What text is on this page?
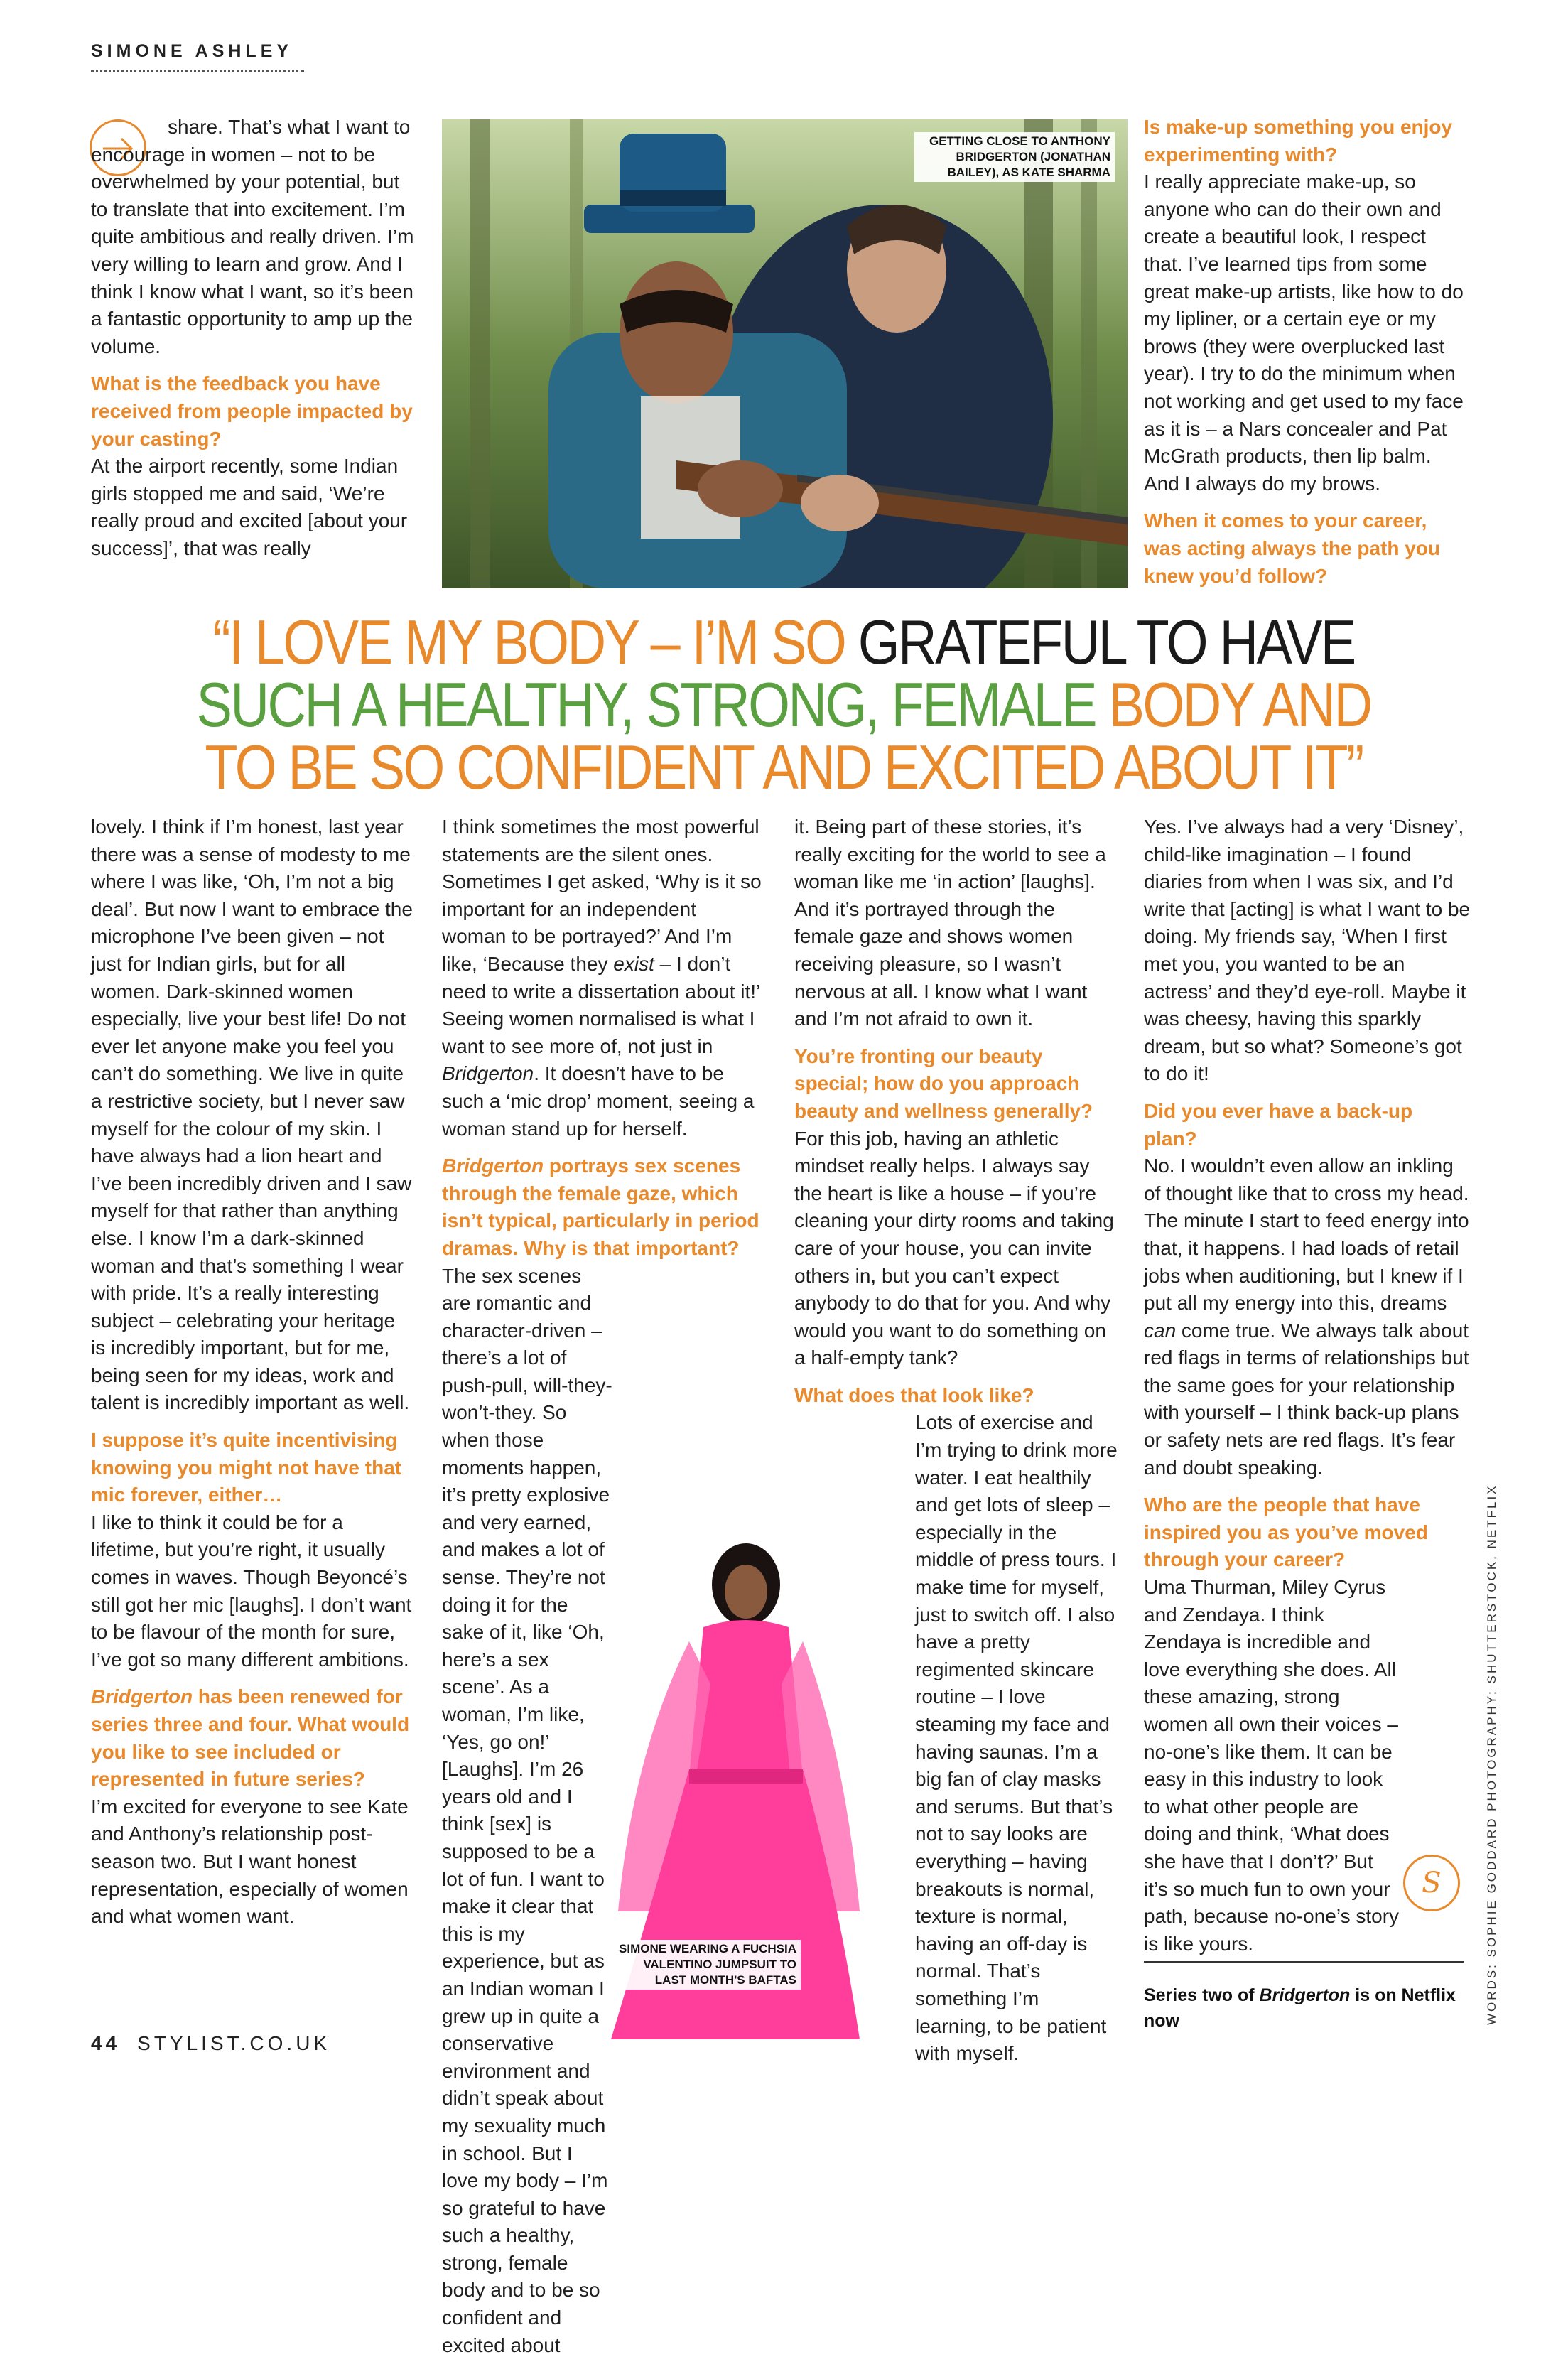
SIMONE ASHLEY

share. That’s what I want to encourage in women – not to be overwhelmed by your potential, but to translate that into excitement. I’m quite ambitious and really driven. I’m very willing to learn and grow. And I think I know what I want, so it’s been a fantastic opportunity to amp up the volume.

What is the feedback you have received from people impacted by your casting?

At the airport recently, some Indian girls stopped me and said, ‘We’re really proud and excited [about your success]’, that was really

GETTING CLOSE TO ANTHONY BRIDGERTON (JONATHAN BAILEY), AS KATE SHARMA

Is make-up something you enjoy experimenting with?

I really appreciate make-up, so anyone who can do their own and create a beautiful look, I respect that. I’ve learned tips from some great make-up artists, like how to do my lipliner, or a certain eye or my brows (they were overplucked last year). I try to do the minimum when not working and get used to my face as it is – a Nars concealer and Pat McGrath products, then lip balm. And I always do my brows.

When it comes to your career, was acting always the path you knew you’d follow?

“I LOVE MY BODY – I’M SO GRATEFUL TO HAVE
SUCH A HEALTHY, STRONG, FEMALE BODY AND
TO BE SO CONFIDENT AND EXCITED ABOUT IT”

lovely. I think if I’m honest, last year there was a sense of modesty to me where I was like, ‘Oh, I’m not a big deal’. But now I want to embrace the microphone I’ve been given – not just for Indian girls, but for all women. Dark-skinned women especially, live your best life! Do not ever let anyone make you feel you can’t do something. We live in quite a restrictive society, but I never saw myself for the colour of my skin. I have always had a lion heart and I’ve been incredibly driven and I saw myself for that rather than anything else. I know I’m a dark-skinned woman and that’s something I wear with pride. It’s a really interesting subject – celebrating your heritage is incredibly important, but for me, being seen for my ideas, work and talent is incredibly important as well.

I suppose it’s quite incentivising knowing you might not have that mic forever, either…

I like to think it could be for a lifetime, but you’re right, it usually comes in waves. Though Beyoncé’s still got her mic [laughs]. I don’t want to be flavour of the month for sure, I’ve got so many different ambitions.

Bridgerton has been renewed for series three and four. What would you like to see included or represented in future series?

I’m excited for everyone to see Kate and Anthony’s relationship post-season two. But I want honest representation, especially of women and what women want.

I think sometimes the most powerful statements are the silent ones. Sometimes I get asked, ‘Why is it so important for an independent woman to be portrayed?’ And I’m like, ‘Because they exist – I don’t need to write a dissertation about it!’ Seeing women normalised is what I want to see more of, not just in Bridgerton. It doesn’t have to be such a ‘mic drop’ moment, seeing a woman stand up for herself.

Bridgerton portrays sex scenes through the female gaze, which isn’t typical, particularly in period dramas. Why is that important?

The sex scenes are romantic and character-driven – there’s a lot of push-pull, will-they-won’t-they. So when those moments happen, it’s pretty explosive and very earned, and makes a lot of sense. They’re not doing it for the sake of it, like ‘Oh, here’s a sex scene’. As a woman, I’m like, ‘Yes, go on!’ [Laughs]. I’m 26 years old and I think [sex] is supposed to be a lot of fun. I want to make it clear that this is my experience, but as an Indian woman I grew up in quite a conservative environment and didn’t speak about my sexuality much in school. But I love my body – I’m so grateful to have such a healthy, strong, female body and to be so confident and excited about

SIMONE WEARING A FUCHSIA VALENTINO JUMPSUIT TO LAST MONTH'S BAFTAS

it. Being part of these stories, it’s really exciting for the world to see a woman like me ‘in action’ [laughs]. And it’s portrayed through the female gaze and shows women receiving pleasure, so I wasn’t nervous at all. I know what I want and I’m not afraid to own it.

You’re fronting our beauty special; how do you approach beauty and wellness generally?

For this job, having an athletic mindset really helps. I always say the heart is like a house – if you’re cleaning your dirty rooms and taking care of your house, you can invite others in, but you can’t expect anybody to do that for you. And why would you want to do something on a half-empty tank?

What does that look like?

Lots of exercise and I’m trying to drink more water. I eat healthily and get lots of sleep – especially in the middle of press tours. I make time for myself, just to switch off. I also have a pretty regimented skincare routine – I love steaming my face and having saunas. I’m a big fan of clay masks and serums. But that’s not to say looks are everything – having breakouts is normal, texture is normal, having an off-day is normal. That’s something I’m learning, to be patient with myself.

Yes. I’ve always had a very ‘Disney’, child-like imagination – I found diaries from when I was six, and I’d write that [acting] is what I want to be doing. My friends say, ‘When I first met you, you wanted to be an actress’ and they’d eye-roll. Maybe it was cheesy, having this sparkly dream, but so what? Someone’s got to do it!

Did you ever have a back-up plan?

No. I wouldn’t even allow an inkling of thought like that to cross my head. The minute I start to feed energy into that, it happens. I had loads of retail jobs when auditioning, but I knew if I put all my energy into this, dreams can come true. We always talk about red flags in terms of relationships but the same goes for your relationship with yourself – I think back-up plans or safety nets are red flags. It’s fear and doubt speaking.

Who are the people that have inspired you as you’ve moved through your career?

Uma Thurman, Miley Cyrus and Zendaya. I think Zendaya is incredible and love everything she does. All these amazing, strong women all own their voices – no-one’s like them. It can be easy in this industry to look to what other people are doing and think, ‘What does she have that I don’t?’ But it’s so much fun to own your path, because no-one’s story is like yours.

S
Series two of Bridgerton is on Netflix now	WORDS: SOPHIE GODDARD PHOTOGRAPHY: SHUTTERSTOCK, NETFLIX
44 STYLIST.CO.UK
